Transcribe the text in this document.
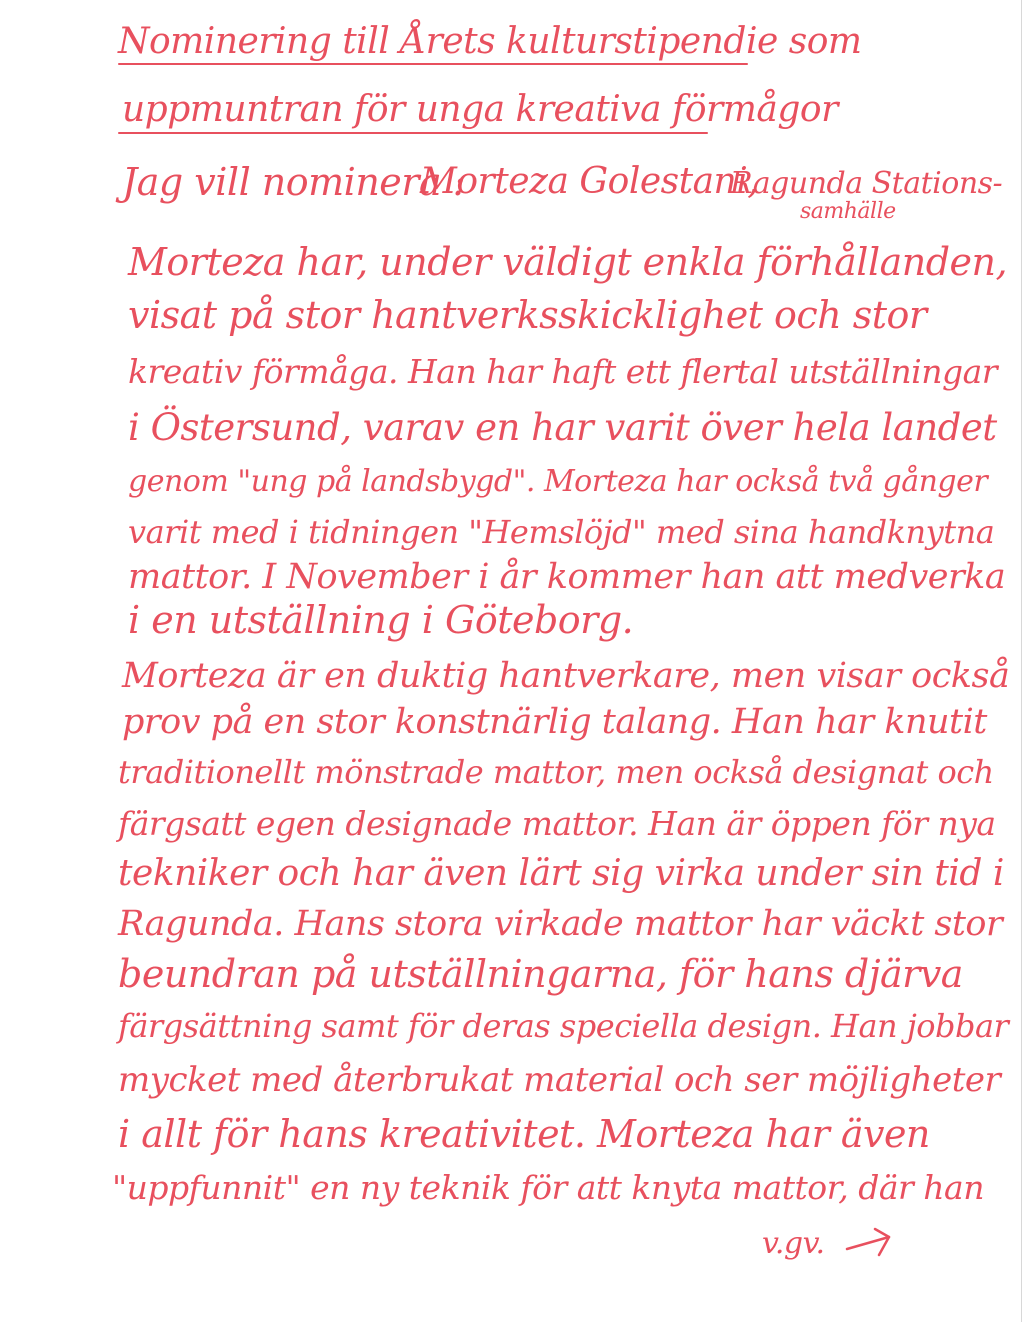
Nominering till Årets kulturstipendie som
uppmuntran för unga kreativa förmågor
Jag vill nominera :
Morteza Golestani,
Ragunda Stations-
samhälle
Morteza har, under väldigt enkla förhållanden,
visat på stor hantverksskicklighet och stor
kreativ förmåga. Han har haft ett flertal utställningar
i Östersund, varav en har varit över hela landet
genom "ung på landsbygd". Morteza har också två gånger
varit med i tidningen "Hemslöjd" med sina handknytna
mattor. I November i år kommer han att medverka
i en utställning i Göteborg.
Morteza är en duktig hantverkare, men visar också
prov på en stor konstnärlig talang. Han har knutit
traditionellt mönstrade mattor, men också designat och
färgsatt egen designade mattor. Han är öppen för nya
tekniker och har även lärt sig virka under sin tid i
Ragunda. Hans stora virkade mattor har väckt stor
beundran på utställningarna, för hans djärva
färgsättning samt för deras speciella design. Han jobbar
mycket med återbrukat material och ser möjligheter
i allt för hans kreativitet. Morteza har även
"uppfunnit" en ny teknik för att knyta mattor, där han
v.gv.
